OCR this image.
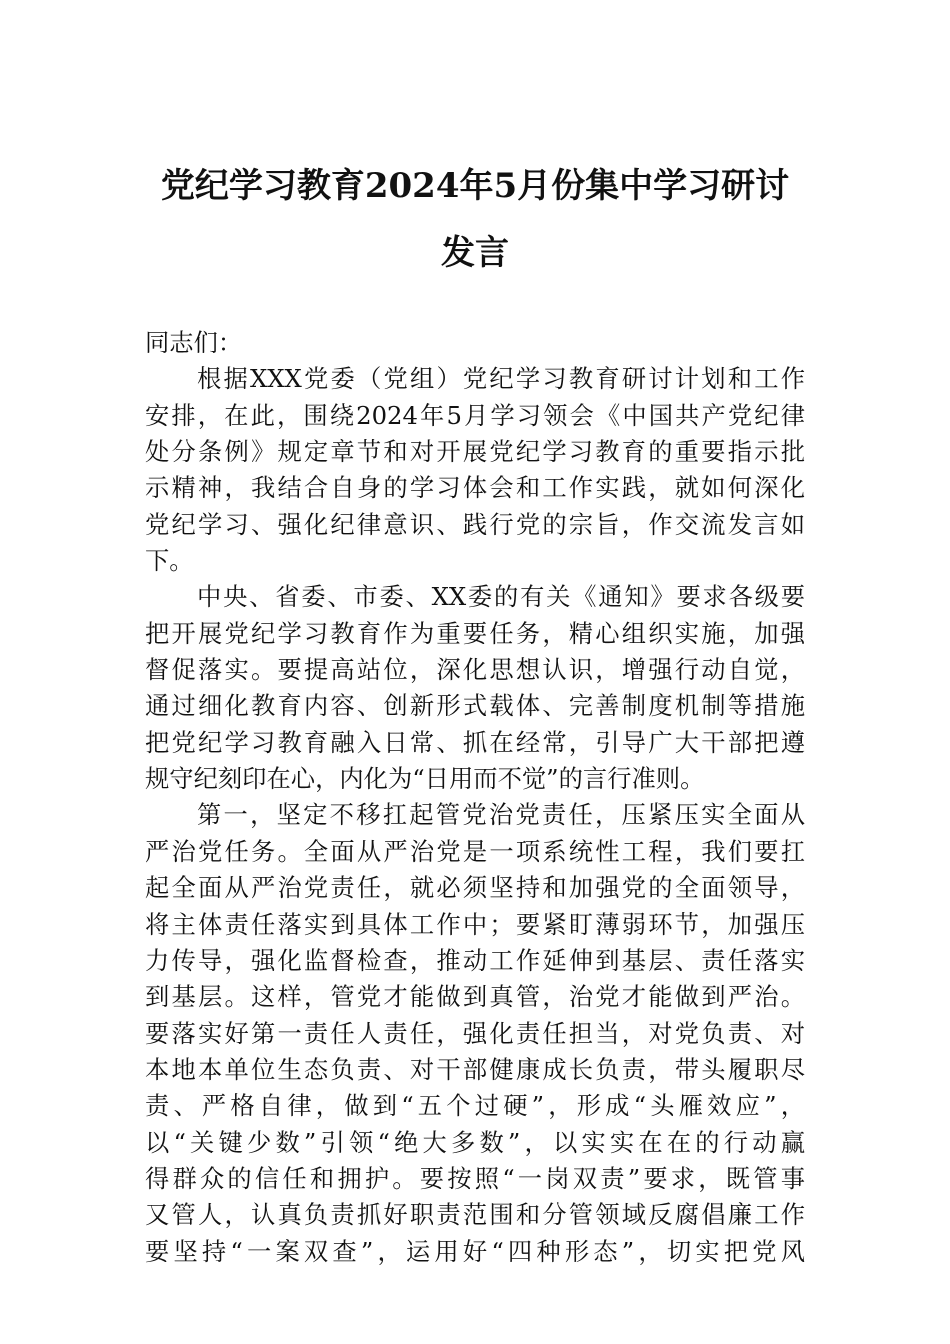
党纪学习教育2024年5月份集中学习研讨
发言
同志们：
根据XXX党委（党组）党纪学习教育研讨计划和工作
安排，在此，围绕2024年5月学习领会《中国共产党纪律
处分条例》规定章节和对开展党纪学习教育的重要指示批
示精神，我结合自身的学习体会和工作实践，就如何深化
党纪学习、强化纪律意识、践行党的宗旨，作交流发言如
下。
中央、省委、市委、XX委的有关《通知》要求各级要
把开展党纪学习教育作为重要任务，精心组织实施，加强
督促落实。要提高站位，深化思想认识，增强行动自觉，
通过细化教育内容、创新形式载体、完善制度机制等措施
把党纪学习教育融入日常、抓在经常，引导广大干部把遵
规守纪刻印在心，内化为“日用而不觉”的言行准则。
第一，坚定不移扛起管党治党责任，压紧压实全面从
严治党任务。全面从严治党是一项系统性工程，我们要扛
起全面从严治党责任，就必须坚持和加强党的全面领导，
将主体责任落实到具体工作中；要紧盯薄弱环节，加强压
力传导，强化监督检查，推动工作延伸到基层、责任落实
到基层。这样，管党才能做到真管，治党才能做到严治。
要落实好第一责任人责任，强化责任担当，对党负责、对
本地本单位生态负责、对干部健康成长负责，带头履职尽
责、严格自律，做到“五个过硬”，形成“头雁效应”，
以“关键少数”引领“绝大多数”，以实实在在的行动赢
得群众的信任和拥护。要按照“一岗双责”要求，既管事
又管人，认真负责抓好职责范围和分管领域反腐倡廉工作
要坚持“一案双查”，运用好“四种形态”，切实把党风
